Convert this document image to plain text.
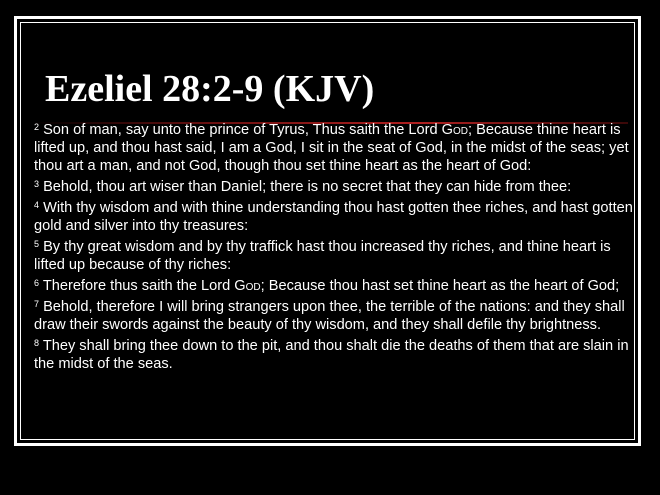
Ezeliel 28:2-9 (KJV)

$^2$ Son of man, say unto the prince of Tyrus, Thus saith the Lord God; Because thine heart is lifted up, and thou hast said, I am a God, I sit in the seat of God, in the midst of the seas; yet thou art a man, and not God, though thou set thine heart as the heart of God:

$^3$ Behold, thou art wiser than Daniel; there is no secret that they can hide from thee:

$^4$ With thy wisdom and with thine understanding thou hast gotten thee riches, and hast gotten gold and silver into thy treasures:

$^5$ By thy great wisdom and by thy traffick hast thou increased thy riches, and thine heart is lifted up because of thy riches:

$^6$ Therefore thus saith the Lord God; Because thou hast set thine heart as the heart of God;

$^7$ Behold, therefore I will bring strangers upon thee, the terrible of the nations: and they shall draw their swords against the beauty of thy wisdom, and they shall defile thy brightness.

$^8$ They shall bring thee down to the pit, and thou shalt die the deaths of them that are slain in the midst of the seas.
